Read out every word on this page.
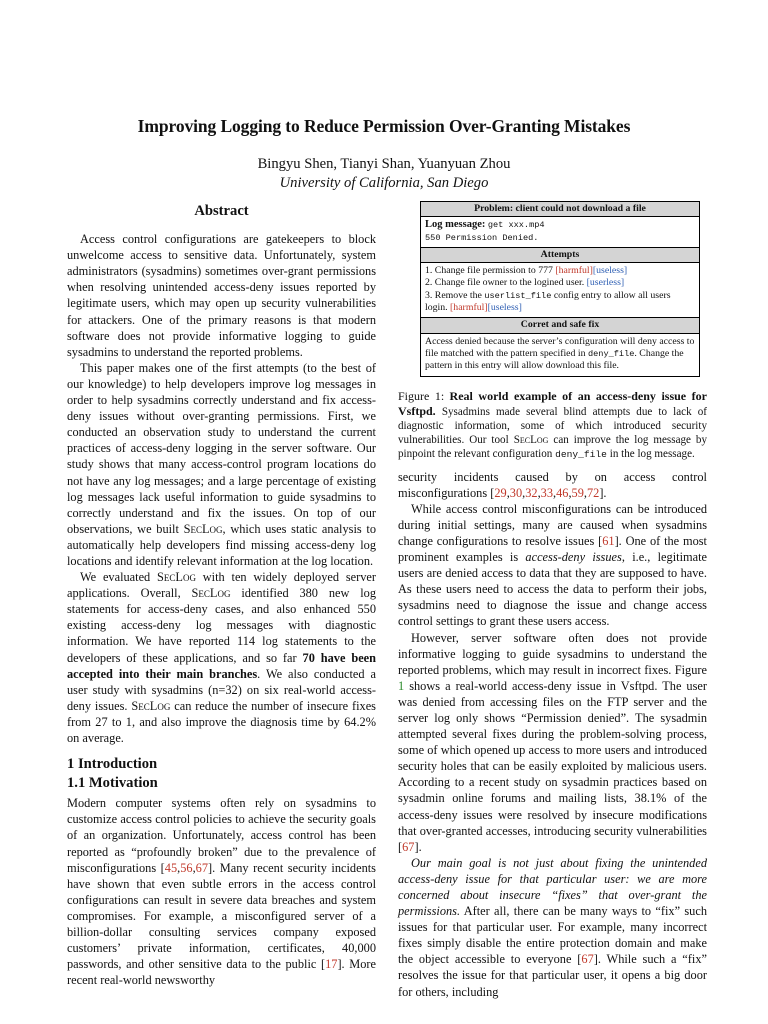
Improving Logging to Reduce Permission Over-Granting Mistakes
Bingyu Shen, Tianyi Shan, Yuanyuan Zhou
University of California, San Diego
Abstract

Access control configurations are gatekeepers to block unwelcome access to sensitive data. Unfortunately, system administrators (sysadmins) sometimes over-grant permissions when resolving unintended access-deny issues reported by legitimate users, which may open up security vulnerabilities for attackers. One of the primary reasons is that modern software does not provide informative logging to guide sysadmins to understand the reported problems.

This paper makes one of the first attempts (to the best of our knowledge) to help developers improve log messages in order to help sysadmins correctly understand and fix access-deny issues without over-granting permissions. First, we conducted an observation study to understand the current practices of access-deny logging in the server software. Our study shows that many access-control program locations do not have any log messages; and a large percentage of existing log messages lack useful information to guide sysadmins to correctly understand and fix the issues. On top of our observations, we built SecLog, which uses static analysis to automatically help developers find missing access-deny log locations and identify relevant information at the log location.

We evaluated SecLog with ten widely deployed server applications. Overall, SecLog identified 380 new log statements for access-deny cases, and also enhanced 550 existing access-deny log messages with diagnostic information. We have reported 114 log statements to the developers of these applications, and so far 70 have been accepted into their main branches. We also conducted a user study with sysadmins (n=32) on six real-world access-deny issues. SecLog can reduce the number of insecure fixes from 27 to 1, and also improve the diagnosis time by 64.2% on average.

1 Introduction
1.1 Motivation

Modern computer systems often rely on sysadmins to customize access control policies to achieve the security goals of an organization. Unfortunately, access control has been reported as “profoundly broken” due to the prevalence of misconfigurations [45,56,67]. Many recent security incidents have shown that even subtle errors in the access control configurations can result in severe data breaches and system compromises. For example, a misconfigured server of a billion-dollar consulting services company exposed customers’ private information, certificates, 40,000 passwords, and other sensitive data to the public [17]. More recent real-world newsworthy

Problem: client could not download a file
Log message: get xxx.mp4
550 Permission Denied.
Attempts
1. Change file permission to 777 [harmful][useless]
2. Change file owner to the logined user. [userless]
3. Remove the userlist_file config entry to allow all users login. [harmful][useless]
Corret and safe fix
Access denied because the server’s configuration will deny access to file matched with the pattern specified in deny_file. Change the pattern in this entry will allow download this file.
Figure 1: Real world example of an access-deny issue for Vsftpd. Sysadmins made several blind attempts due to lack of diagnostic information, some of which introduced security vulnerabilities. Our tool SecLog can improve the log message by pinpoint the relevant configuration deny_file in the log message.

security incidents caused by on access control misconfigurations [29,30,32,33,46,59,72].

While access control misconfigurations can be introduced during initial settings, many are caused when sysadmins change configurations to resolve issues [61]. One of the most prominent examples is access-deny issues, i.e., legitimate users are denied access to data that they are supposed to have. As these users need to access the data to perform their jobs, sysadmins need to diagnose the issue and change access control settings to grant these users access.

However, server software often does not provide informative logging to guide sysadmins to understand the reported problems, which may result in incorrect fixes. Figure 1 shows a real-world access-deny issue in Vsftpd. The user was denied from accessing files on the FTP server and the server log only shows “Permission denied”. The sysadmin attempted several fixes during the problem-solving process, some of which opened up access to more users and introduced security holes that can be easily exploited by malicious users. According to a recent study on sysadmin practices based on sysadmin online forums and mailing lists, 38.1% of the access-deny issues were resolved by insecure modifications that over-granted accesses, introducing security vulnerabilities [67].

Our main goal is not just about fixing the unintended access-deny issue for that particular user: we are more concerned about insecure “fixes” that over-grant the permissions. After all, there can be many ways to “fix” such issues for that particular user. For example, many incorrect fixes simply disable the entire protection domain and make the object accessible to everyone [67]. While such a “fix” resolves the issue for that particular user, it opens a big door for others, including
